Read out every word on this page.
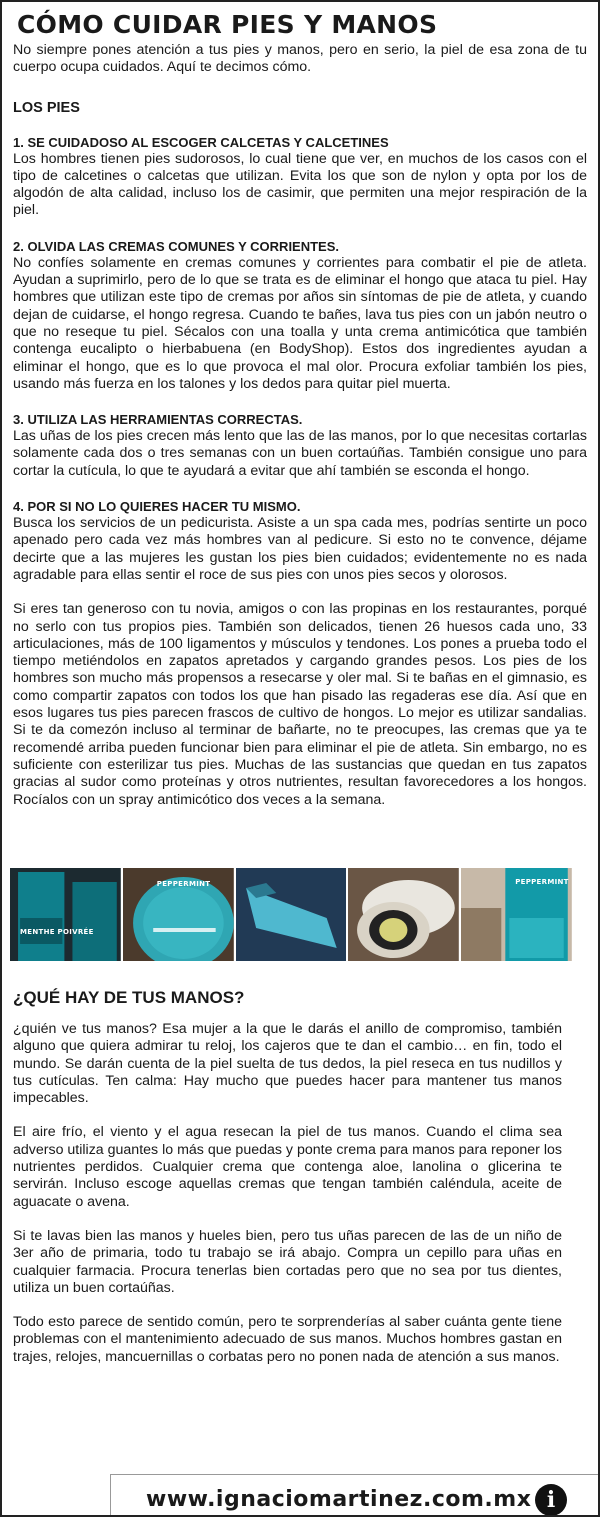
CÓMO CUIDAR PIES Y MANOS

No siempre pones atención a tus pies y manos, pero en serio, la piel de esa zona de tu cuerpo ocupa cuidados. Aquí te decimos cómo.

LOS PIES
1. SE CUIDADOSO AL ESCOGER CALCETAS Y CALCETINES

Los hombres tienen pies sudorosos, lo cual tiene que ver, en muchos de los casos con el tipo de calcetines o calcetas que utilizan. Evita los que son de nylon y opta por los de algodón de alta calidad, incluso los de casimir, que permiten una mejor respiración de la piel.

2. OLVIDA LAS CREMAS COMUNES Y CORRIENTES.

No confíes solamente en cremas comunes y corrientes para combatir el pie de atleta. Ayudan a suprimirlo, pero de lo que se trata es de eliminar el hongo que ataca tu piel. Hay hombres que utilizan este tipo de cremas por años sin síntomas de pie de atleta, y cuando dejan de cuidarse, el hongo regresa. Cuando te bañes, lava tus pies con un jabón neutro o que no reseque tu piel. Sécalos con una toalla y unta crema antimicótica que también contenga eucalipto o hierbabuena (en BodyShop). Estos dos ingredientes ayudan a eliminar el hongo, que es lo que provoca el mal olor. Procura exfoliar también los pies, usando más fuerza en los talones y los dedos para quitar piel muerta.

3. UTILIZA LAS HERRAMIENTAS CORRECTAS.

Las uñas de los pies crecen más lento que las de las manos, por lo que necesitas cortarlas solamente cada dos o tres semanas con un buen cortaúñas. También consigue uno para cortar la cutícula, lo que te ayudará a evitar que ahí también se esconda el hongo.

4. POR SI NO LO QUIERES HACER TU MISMO.

Busca los servicios de un pedicurista. Asiste a un spa cada mes, podrías sentirte un poco apenado pero cada vez más hombres van al pedicure. Si esto no te convence, déjame decirte que a las mujeres les gustan los pies bien cuidados; evidentemente no es nada agradable para ellas sentir el roce de sus pies con unos pies secos y olorosos.

Si eres tan generoso con tu novia, amigos o con las propinas en los restaurantes, porqué no serlo con tus propios pies. También son delicados, tienen 26 huesos cada uno, 33 articulaciones, más de 100 ligamentos y músculos y tendones. Los pones a prueba todo el tiempo metiéndolos en zapatos apretados y cargando grandes pesos. Los pies de los hombres son mucho más propensos a resecarse y oler mal. Si te bañas en el gimnasio, es como compartir zapatos con todos los que han pisado las regaderas ese día. Así que en esos lugares tus pies parecen frascos de cultivo de hongos. Lo mejor es utilizar sandalias. Si te da comezón incluso al terminar de bañarte, no te preocupes, las cremas que ya te recomendé arriba pueden funcionar bien para eliminar el pie de atleta. Sin embargo, no es suficiente con esterilizar tus pies. Muchas de las sustancias que quedan en tus zapatos gracias al sudor como proteínas y otros nutrientes, resultan favorecedores a los hongos. Rocíalos con un spray antimicótico dos veces a la semana.

MENTHE POIVRÉE
PEPPERMINT	PEPPERMINT
¿QUÉ HAY DE TUS MANOS?

¿quién ve tus manos? Esa mujer a la que le darás el anillo de compromiso, también alguno que quiera admirar tu reloj, los cajeros que te dan el cambio… en fin, todo el mundo. Se darán cuenta de la piel suelta de tus dedos, la piel reseca en tus nudillos y tus cutículas. Ten calma: Hay mucho que puedes hacer para mantener tus manos impecables.

El aire frío, el viento y el agua resecan la piel de tus manos. Cuando el clima sea adverso utiliza guantes lo más que puedas y ponte crema para manos para reponer los nutrientes perdidos. Cualquier crema que contenga aloe, lanolina o glicerina te servirán. Incluso escoge aquellas cremas que tengan también caléndula, aceite de aguacate o avena.

Si te lavas bien las manos y hueles bien, pero tus uñas parecen de las de un niño de 3er año de primaria, todo tu trabajo se irá abajo. Compra un cepillo para uñas en cualquier farmacia. Procura tenerlas bien cortadas pero que no sea por tus dientes, utiliza un buen cortaúñas.

Todo esto parece de sentido común, pero te sorprenderías al saber cuánta gente tiene problemas con el mantenimiento adecuado de sus manos. Muchos hombres gastan en trajes, relojes, mancuernillas o corbatas pero no ponen nada de atención a sus manos.

www.ignaciomartinez.com.mx i
